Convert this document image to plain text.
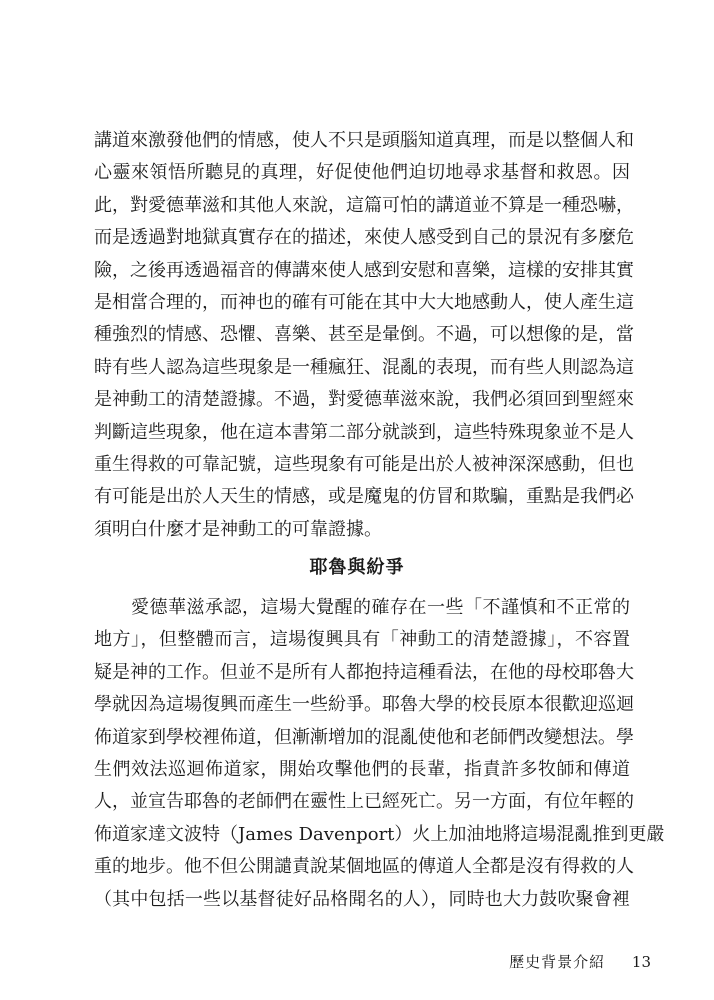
講道來激發他們的情感，使人不只是頭腦知道真理，而是以整個人和
心靈來領悟所聽見的真理，好促使他們迫切地尋求基督和救恩。因
此，對愛德華滋和其他人來說，這篇可怕的講道並不算是一種恐嚇，
而是透過對地獄真實存在的描述，來使人感受到自己的景況有多麼危
險，之後再透過福音的傳講來使人感到安慰和喜樂，這樣的安排其實
是相當合理的，而神也的確有可能在其中大大地感動人，使人產生這
種強烈的情感、恐懼、喜樂、甚至是暈倒。不過，可以想像的是，當
時有些人認為這些現象是一種瘋狂、混亂的表現，而有些人則認為這
是神動工的清楚證據。不過，對愛德華滋來說，我們必須回到聖經來
判斷這些現象，他在這本書第二部分就談到，這些特殊現象並不是人
重生得救的可靠記號，這些現象有可能是出於人被神深深感動，但也
有可能是出於人天生的情感，或是魔鬼的仿冒和欺騙，重點是我們必
須明白什麼才是神動工的可靠證據。
耶魯與紛爭
　　愛德華滋承認，這場大覺醒的確存在一些「不謹慎和不正常的
地方」，但整體而言，這場復興具有「神動工的清楚證據」，不容置
疑是神的工作。但並不是所有人都抱持這種看法，在他的母校耶魯大
學就因為這場復興而產生一些紛爭。耶魯大學的校長原本很歡迎巡迴
佈道家到學校裡佈道，但漸漸增加的混亂使他和老師們改變想法。學
生們效法巡迴佈道家，開始攻擊他們的長輩，指責許多牧師和傳道
人，並宣告耶魯的老師們在靈性上已經死亡。另一方面，有位年輕的
佈道家達文波特（James Davenport）火上加油地將這場混亂推到更嚴
重的地步。他不但公開譴責說某個地區的傳道人全都是沒有得救的人
（其中包括一些以基督徒好品格聞名的人），同時也大力鼓吹聚會裡
歷史背景介紹 13
